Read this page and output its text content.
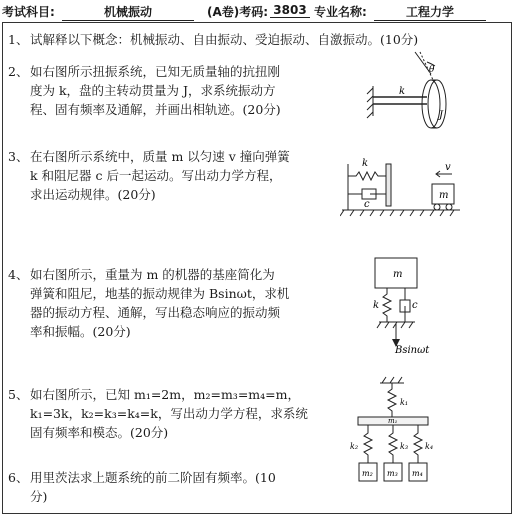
考试科目:	机械振动	(A卷)考码: 3803 专业名称:	工程力学
1、 试解释以下概念：机械振动、自由振动、受迫振动、自激振动。(10分)
2、 如右图所示扭振系统，已知无质量轴的抗扭刚
度为 k，盘的主转动贯量为 J，求系统振动方
程、固有频率及通解，并画出相轨迹。(20分)
3、 在右图所示系统中，质量 m 以匀速 v 撞向弹簧
k 和阻尼器 c 后一起运动。写出动力学方程，
求出运动规律。(20分)
4、 如右图所示，重量为 m 的机器的基座简化为
弹簧和阻尼，地基的振动规律为 Bsinωt，求机
器的振动方程、通解，写出稳态响应的振动频
率和振幅。(20分)
5、 如右图所示，已知 m₁=2m，m₂=m₃=m₄=m，
k₁=3k，k₂=k₃=k₄=k，写出动力学方程，求系统
固有频率和模态。(20分)
6、 用里茨法求上题系统的前二阶固有频率。(10
分)
k
θ
J
k
c
m
v
m
k	c
Bsinωt
k₁
m₁
k₂	k₃ k₄
m₂ m₃ m₄
